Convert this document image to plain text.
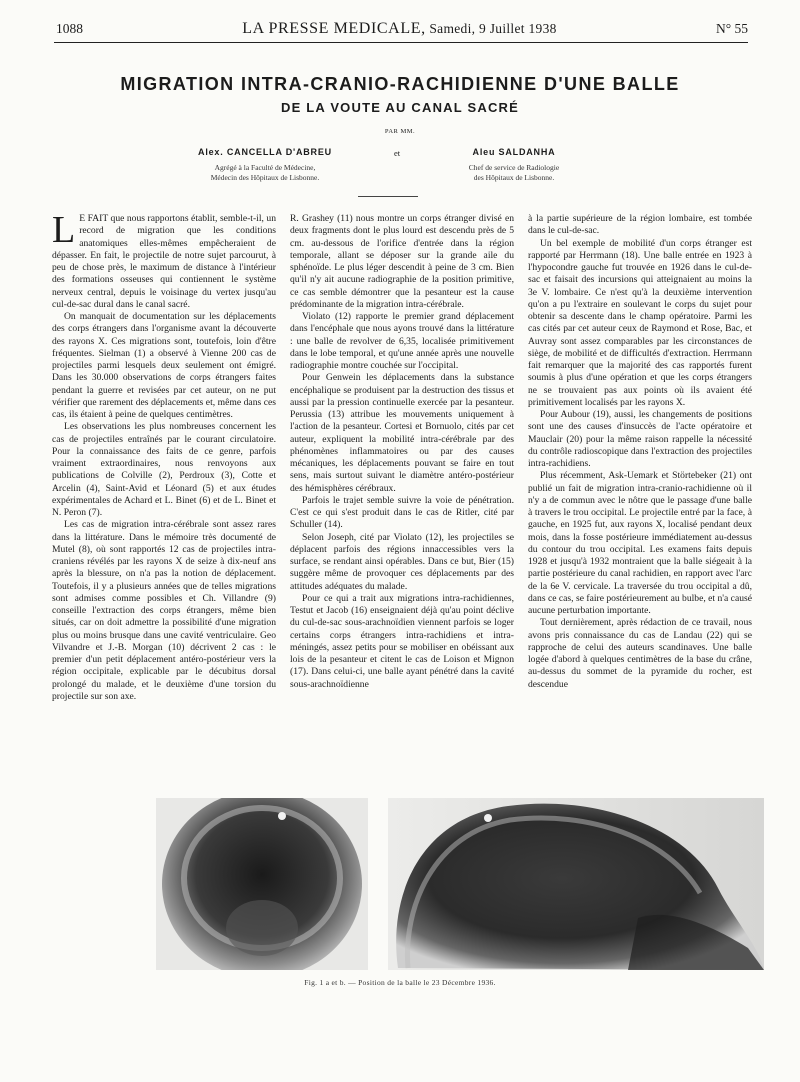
1088	LA PRESSE MEDICALE, Samedi, 9 Juillet 1938	N° 55
MIGRATION INTRA-CRANIO-RACHIDIENNE D'UNE BALLE
DE LA VOUTE AU CANAL SACRÉ
PAR MM.
Alex. CANCELLA D'ABREU
Agrégé à la Faculté de Médecine,
Médecin des Hôpitaux de Lisbonne.
et	Aleu SALDANHA
Chef de service de Radiologie
des Hôpitaux de Lisbonne.

L E FAIT que nous rapportons établit, semble-t-il, un record de migration que les conditions anatomiques elles-mêmes empêcheraient de dépasser. En fait, le projectile de notre sujet parcourut, à peu de chose près, le maximum de distance à l'intérieur des formations osseuses qui contiennent le système nerveux central, depuis le voisinage du vertex jusqu'au cul-de-sac dural dans le canal sacré.

On manquait de documentation sur les déplacements des corps étrangers dans l'organisme avant la découverte des rayons X. Ces migrations sont, toutefois, loin d'être fréquentes. Sielman (1) a observé à Vienne 200 cas de projectiles parmi lesquels deux seulement ont émigré. Dans les 30.000 observations de corps étrangers faites pendant la guerre et revisées par cet auteur, on ne put vérifier que rarement des déplacements et, même dans ces cas, ils étaient à peine de quelques centimètres.

Les observations les plus nombreuses concernent les cas de projectiles entraînés par le courant circulatoire. Pour la connaissance des faits de ce genre, parfois vraiment extraordinaires, nous renvoyons aux publications de Colville (2), Perdroux (3), Cotte et Arcelin (4), Saint-Avid et Léonard (5) et aux études expérimentales de Achard et L. Binet (6) et de L. Binet et N. Peron (7).

Les cas de migration intra-cérébrale sont assez rares dans la littérature. Dans le mémoire très documenté de Mutel (8), où sont rapportés 12 cas de projectiles intra-craniens révélés par les rayons X de seize à dix-neuf ans après la blessure, on n'a pas la notion de déplacement. Toutefois, il y a plusieurs années que de telles migrations sont admises comme possibles et Ch. Villandre (9) conseille l'extraction des corps étrangers, même bien situés, car on doit admettre la possibilité d'une migration plus ou moins brusque dans une cavité ventriculaire. Geo Vilvandre et J.-B. Morgan (10) décrivent 2 cas : le premier d'un petit déplacement antéro-postérieur vers la région occipitale, explicable par le décubitus dorsal prolongé du malade, et le deuxième d'une torsion du projectile sur son axe.

R. Grashey (11) nous montre un corps étranger divisé en deux fragments dont le plus lourd est descendu près de 5 cm. au-dessous de l'orifice d'entrée dans la région temporale, allant se déposer sur la grande aile du sphénoïde. Le plus léger descendit à peine de 3 cm. Bien qu'il n'y ait aucune radiographie de la position primitive, ce cas semble démontrer que la pesanteur est la cause prédominante de la migration intra-cérébrale.

Violato (12) rapporte le premier grand déplacement dans l'encéphale que nous ayons trouvé dans la littérature : une balle de revolver de 6,35, localisée primitivement dans le lobe temporal, et qu'une année après une nouvelle radiographie montre couchée sur l'occipital.

Pour Genwein les déplacements dans la substance encéphalique se produisent par la destruction des tissus et aussi par la pression continuelle exercée par la pesanteur. Perussia (13) attribue les mouvements uniquement à l'action de la pesanteur. Cortesi et Bornuolo, cités par cet auteur, expliquent la mobilité intra-cérébrale par des phénomènes inflammatoires ou par des causes mécaniques, les déplacements pouvant se faire en tout sens, mais surtout suivant le diamètre antéro-postérieur des hémisphères cérébraux.

Parfois le trajet semble suivre la voie de pénétration. C'est ce qui s'est produit dans le cas de Ritler, cité par Schuller (14).

Selon Joseph, cité par Violato (12), les projectiles se déplacent parfois des régions innaccessibles vers la surface, se rendant ainsi opérables. Dans ce but, Bier (15) suggère même de provoquer ces déplacements par des attitudes adéquates du malade.

Pour ce qui a trait aux migrations intra-rachidiennes, Testut et Jacob (16) enseignaient déjà qu'au point déclive du cul-de-sac sous-arachnoïdien viennent parfois se loger certains corps étrangers intra-rachidiens et intra-méningés, assez petits pour se mobiliser en obéissant aux lois de la pesanteur et citent le cas de Loison et Mignon (17). Dans celui-ci, une balle ayant pénétré dans la cavité sous-arachnoïdienne

à la partie supérieure de la région lombaire, est tombée dans le cul-de-sac.

Un bel exemple de mobilité d'un corps étranger est rapporté par Herrmann (18). Une balle entrée en 1923 à l'hypocondre gauche fut trouvée en 1926 dans le cul-de-sac et faisait des incursions qui atteignaient au moins la 3e V. lombaire. Ce n'est qu'à la deuxième intervention qu'on a pu l'extraire en soulevant le corps du sujet pour obtenir sa descente dans le champ opératoire. Parmi les cas cités par cet auteur ceux de Raymond et Rose, Bac, et Auvray sont assez comparables par les circonstances de siège, de mobilité et de difficultés d'extraction. Herrmann fait remarquer que la majorité des cas rapportés furent soumis à plus d'une opération et que les corps étrangers ne se trouvaient pas aux points où ils avaient été primitivement localisés par les rayons X.

Pour Aubour (19), aussi, les changements de positions sont une des causes d'insuccès de l'acte opératoire et Mauclair (20) pour la même raison rappelle la nécessité du contrôle radioscopique dans l'extraction des projectiles intra-rachidiens.

Plus récemment, Ask-Uemark et Störtebeker (21) ont publié un fait de migration intra-cranio-rachidienne où il n'y a de commun avec le nôtre que le passage d'une balle à travers le trou occipital. Le projectile entré par la face, à gauche, en 1925 fut, aux rayons X, localisé pendant deux mois, dans la fosse postérieure immédiatement au-dessus du contour du trou occipital. Les examens faits depuis 1928 et jusqu'à 1932 montraient que la balle siégeait à la partie postérieure du canal rachidien, en rapport avec l'arc de la 6e V. cervicale. La traversée du trou occipital a dû, dans ce cas, se faire postérieurement au bulbe, et n'a causé aucune perturbation importante.

Tout dernièrement, après rédaction de ce travail, nous avons pris connaissance du cas de Landau (22) qui se rapproche de celui des auteurs scandinaves. Une balle logée d'abord à quelques centimètres de la base du crâne, au-dessus du sommet de la pyramide du rocher, est descendue

Fig. 1 a et b. — Position de la balle le 23 Décembre 1936.
